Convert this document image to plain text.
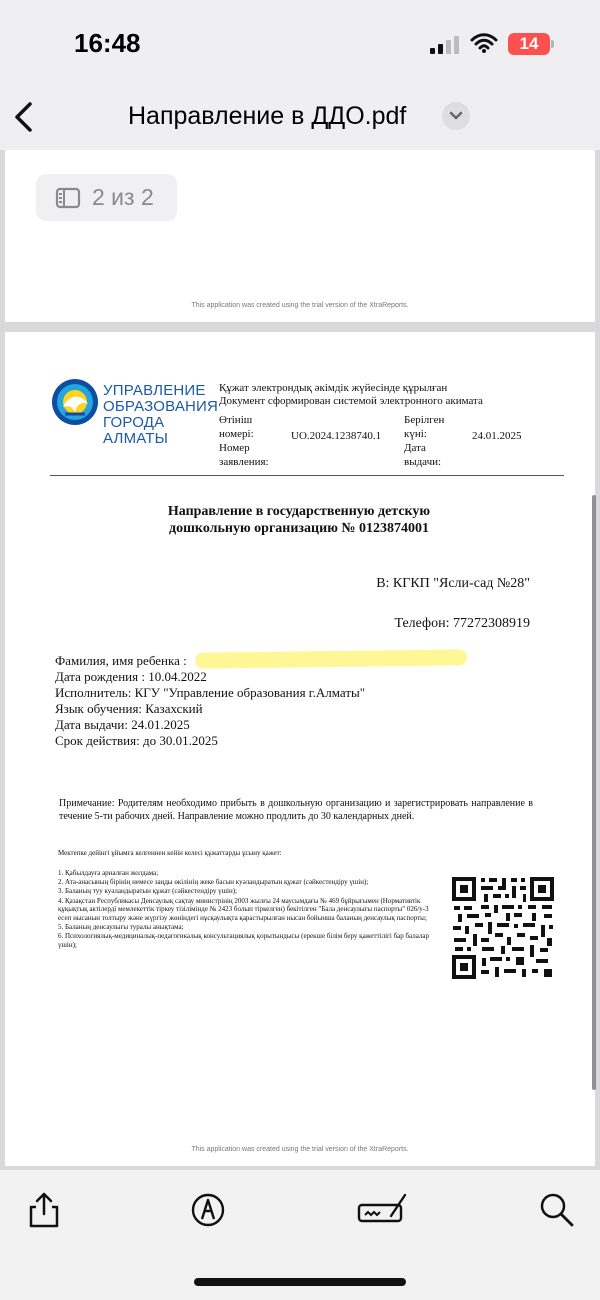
16:48	14
Направление в ДДО.pdf
2 из 2
This application was created using the trial version of the XtraReports.
УПРАВЛЕНИЕ
ОБРАЗОВАНИЯ
ГОРОДА АЛМАТЫ
Құжат электрондық әкімдік жүйесінде құрылған
Документ сформирован системой электронного акимата
Өтініш
номері:
Номер
заявления:
UO.2024.1238740.1
Берілген
күні:
Дата
выдачи:
24.01.2025
Направление в государственную детскую
дошкольную организацию № 0123874001
В: КГКП "Ясли-сад №28"
Телефон: 77272308919
Фамилия, имя ребенка :
Дата рождения : 10.04.2022
Исполнитель: КГУ "Управление образования г.Алматы"
Язык обучения: Казахский
Дата выдачи: 24.01.2025
Срок действия: до 30.01.2025
Примечание: Родителям необходимо прибыть в дошкольную организацию и зарегистрировать направление в течение 5-ти рабочих дней. Направление можно продлить до 30 календарных дней.
Мектепке дейінгі ұйымға келгеннен кейін келесі құжаттарды ұсыну қажет:
1. Қабылдауға арналған жолдама;
2. Ата-анасының бірінің немесе заңды өкілінің жеке басын куәландыратын құжат (сәйкестендіру үшін);
3. Баланың туу куәландыратын құжат (сәйкестендіру үшін);
4. Қазақстан Республикасы Денсаулық сақтау министрінің 2003 жылғы 24 маусымдағы № 469 бұйрығымен (Нормативтік құқықтық актілерді мемлекеттік тіркеу тізілімінде № 2423 болып тіркелген) бекітілген "Бала денсаулығы паспорты" 026/у-3 есеп нысанын толтыру және жүргізу жөніндегі нұсқаулықта қарастырылған нысан бойынша баланың денсаулық паспорты;
5. Баланың денсаулығы туралы анықтама;
6. Психологиялық-медициналық-педагогикалық консультациялық қорытындысы (ерекше білім беру қажеттілігі бар балалар үшін);
This application was created using the trial version of the XtraReports.
